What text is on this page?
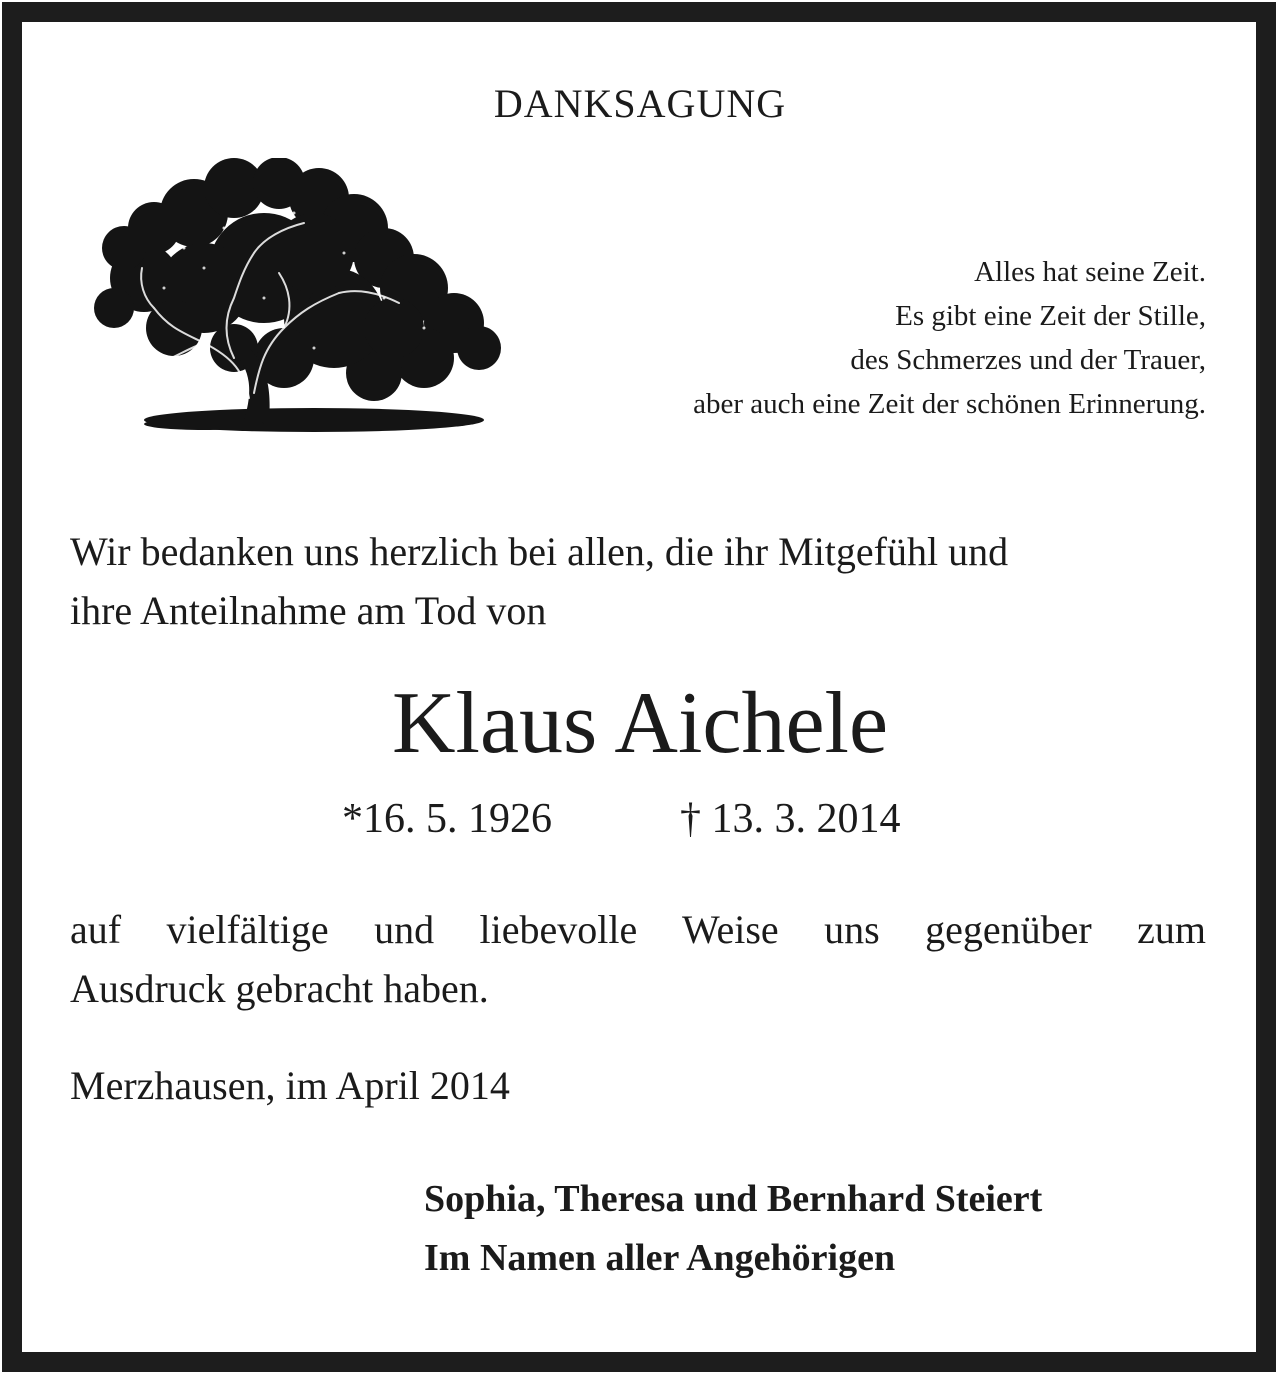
DANKSAGUNG
Alles hat seine Zeit.
Es gibt eine Zeit der Stille,
des Schmerzes und der Trauer,
aber auch eine Zeit der schönen Erinnerung.
Wir bedanken uns herzlich bei allen, die ihr Mitgefühl und
ihre Anteilnahme am Tod von
Klaus Aichele
*16. 5. 1926	† 13. 3. 2014
auf vielfältige und liebevolle Weise uns gegenüber zum
Ausdruck gebracht haben.
Merzhausen, im April 2014
Sophia, Theresa und Bernhard Steiert
Im Namen aller Angehörigen
